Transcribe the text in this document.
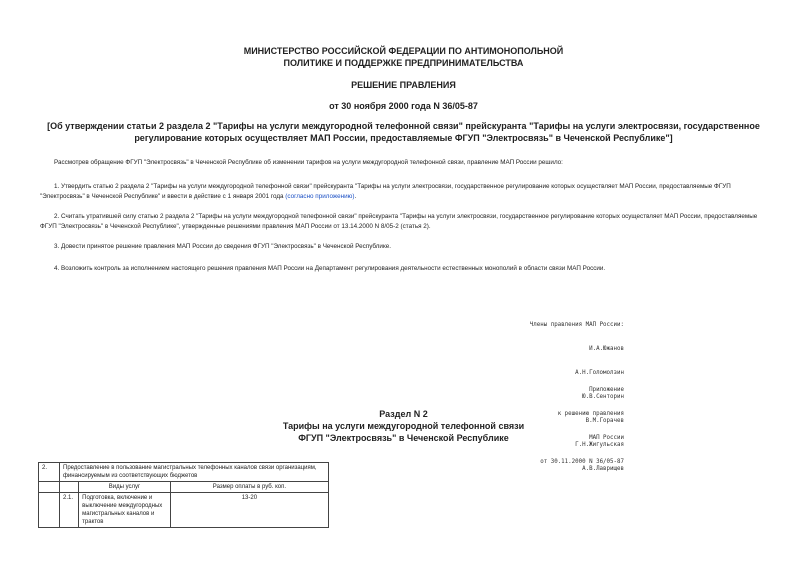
МИНИСТЕРСТВО РОССИЙСКОЙ ФЕДЕРАЦИИ ПО АНТИМОНОПОЛЬНОЙ
ПОЛИТИКЕ И ПОДДЕРЖКЕ ПРЕДПРИНИМАТЕЛЬСТВА
РЕШЕНИЕ ПРАВЛЕНИЯ
от 30 ноября 2000 года N 36/05-87
[Об утверждении статьи 2 раздела 2 "Тарифы на услуги междугородной телефонной связи" прейскуранта "Тарифы на услуги электросвязи, государственное регулирование которых осуществляет МАП России, предоставляемые ФГУП "Электросвязь" в Чеченской Республике"]
Рассмотрев обращение ФГУП "Электросвязь" в Чеченской Республике об изменении тарифов на услуги междугородной телефонной связи, правление МАП России решило:
1. Утвердить статью 2 раздела 2 "Тарифы на услуги междугородной телефонной связи" прейскуранта "Тарифы на услуги электросвязи, государственное регулирование которых осуществляет МАП России, предоставляемые ФГУП "Электросвязь" в Чеченской Республике" и ввести в действие с 1 января 2001 года (согласно приложению).
2. Считать утратившей силу статью 2 раздела 2 "Тарифы на услуги междугородной телефонной связи" прейскуранта "Тарифы на услуги электросвязи, государственное регулирование которых осуществляет МАП России, предоставляемые ФГУП "Электросвязь" в Чеченской Республике", утвержденные решениями правления МАП России от 13.14.2000 N 8/05-2 (статья 2).
3. Довести принятое решение правления МАП России до сведения ФГУП "Электросвязь" в Чеченской Республике.
4. Возложить контроль за исполнением настоящего решения правления МАП России на Департамент регулирования деятельности естественных монополий в области связи МАП России.

Члены правления МАП России:

И.А.Южанов

А.Н.Голомолзин

Ю.В.Сенторин

В.М.Горачев

Г.Н.Жигульская

А.В.Лаврищев

Приложение

к решению правления

МАП России

от 30.11.2000 N 36/05-87

Раздел N 2
Тарифы на услуги междугородной телефонной связи
ФГУП "Электросвязь" в Чеченской Республике
2.	Предоставление в пользование магистральных телефонных каналов связи организациям, финансируемым из соответствующих бюджетов		
		Виды услуг	Размер оплаты в руб. коп.
	2.1.	Подготовка, включение и выключение междугородных магистральных каналов и трактов	13-20
